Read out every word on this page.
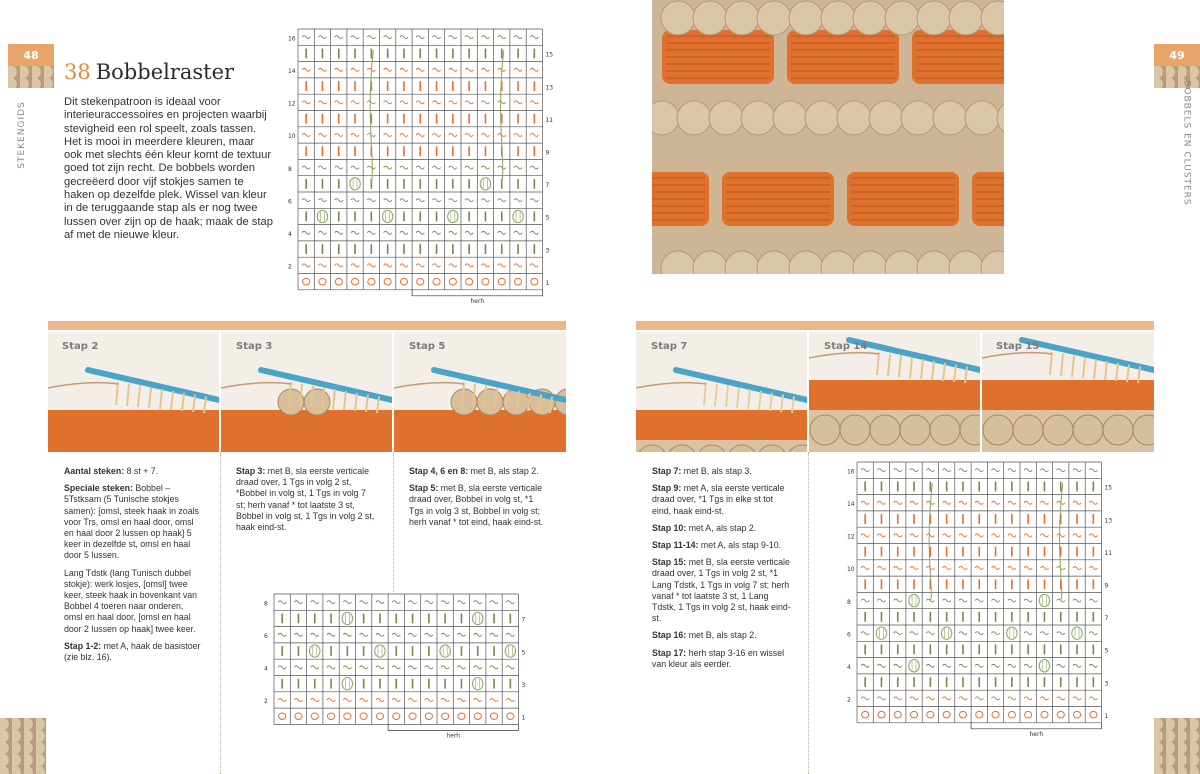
48
STEKENGIDS
38 Bobbelraster
Dit stekenpatroon is ideaal voor interieuraccessoires en projecten waarbij stevigheid een rol speelt, zoals tassen. Het is mooi in meerdere kleuren, maar ook met slechts één kleur komt de textuur goed tot zijn recht. De bobbels worden gecreëerd door vijf stokjes samen te haken op dezelfde plek. Wissel van kleur in de teruggaande stap als er nog twee lussen over zijn op de haak; maak de stap af met de nieuwe kleur.
16
14
12
10
8
6
4
2
15
13
11
9
7
5
3
1
herh
8
6
4
2
7
5
3
1
herh
49
BOBBELS EN CLUSTERS
Stap 2	Stap 3	Stap 5	Stap 7	Stap 14	Stap 15

Aantal steken: 8 st + 7.

Speciale steken: Bobbel – 5Tstksam (5 Tunische stokjes samen): [omsl, steek haak in zoals voor Trs, omsl en haal door, omsl en haal door 2 lussen op haak] 5 keer in dezelfde st, omsl en haal door 5 lussen.

Lang Tdstk (lang Tunisch dubbel stokje): werk losjes, [omsl] twee keer, steek haak in bovenkant van Bobbel 4 toeren naar onderen, omsl en haal door, [omsl en haal door 2 lussen op haak] twee keer.

Stap 1-2: met A, haak de basistoer (zie blz. 16).

Stap 3: met B, sla eerste verticale draad over, 1 Tgs in volg 2 st, *Bobbel in volg st, 1 Tgs in volg 7 st; herh vanaf * tot laatste 3 st, Bobbel in volg st, 1 Tgs in volg 2 st, haak eind-st.

Stap 4, 6 en 8: met B, als stap 2.

Stap 5: met B, sla eerste verticale draad over, Bobbel in volg st, *1 Tgs in volg 3 st, Bobbel in volg st; herh vanaf * tot eind, haak eind-st.

Stap 7: met B, als stap 3.

Stap 9: met A, sla eerste verticale draad over, *1 Tgs in elke st tot eind, haak eind-st.

Stap 10: met A, als stap 2.

Stap 11-14: met A, als stap 9-10.

Stap 15: met B, sla eerste verticale draad over, 1 Tgs in volg 2 st, *1 Lang Tdstk, 1 Tgs in volg 7 st; herh vanaf * tot laatste 3 st, 1 Lang Tdstk, 1 Tgs in volg 2 st, haak eind-st.

Stap 16: met B, als stap 2.

Stap 17: herh stap 3-16 en wissel van kleur als eerder.

16
14
12
10
8
6
4
2
15
13
11
9
7
5
3
1
herh
